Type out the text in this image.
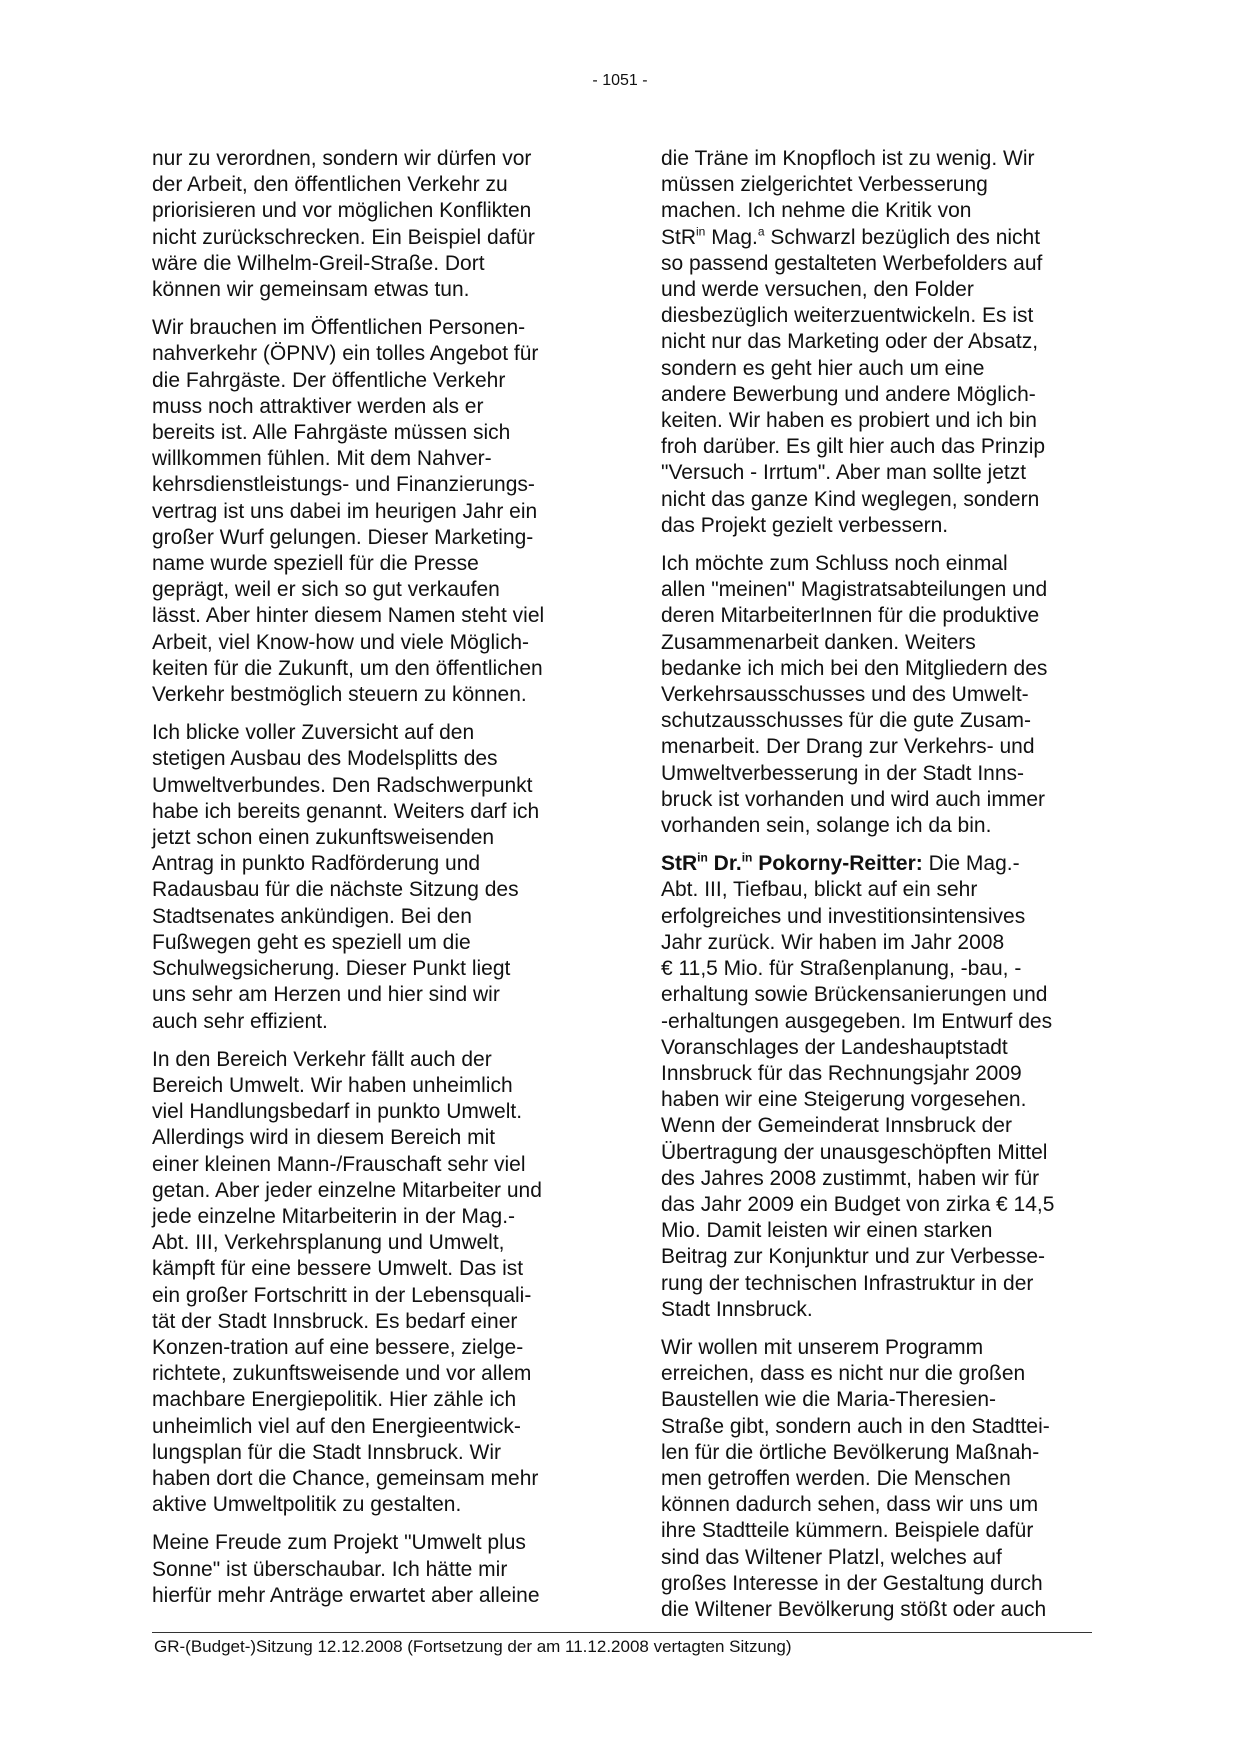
- 1051 -

nur zu verordnen, sondern wir dürfen vor
der Arbeit, den öffentlichen Verkehr zu
priorisieren und vor möglichen Konflikten
nicht zurückschrecken. Ein Beispiel dafür
wäre die Wilhelm-Greil-Straße. Dort
können wir gemeinsam etwas tun.

Wir brauchen im Öffentlichen Personen-
nahverkehr (ÖPNV) ein tolles Angebot für
die Fahrgäste. Der öffentliche Verkehr
muss noch attraktiver werden als er
bereits ist. Alle Fahrgäste müssen sich
willkommen fühlen. Mit dem Nahver-
kehrsdienstleistungs- und Finanzierungs-
vertrag ist uns dabei im heurigen Jahr ein
großer Wurf gelungen. Dieser Marketing-
name wurde speziell für die Presse
geprägt, weil er sich so gut verkaufen
lässt. Aber hinter diesem Namen steht viel
Arbeit, viel Know-how und viele Möglich-
keiten für die Zukunft, um den öffentlichen
Verkehr bestmöglich steuern zu können.

Ich blicke voller Zuversicht auf den
stetigen Ausbau des Modelsplitts des
Umweltverbundes. Den Radschwerpunkt
habe ich bereits genannt. Weiters darf ich
jetzt schon einen zukunftsweisenden
Antrag in punkto Radförderung und
Radausbau für die nächste Sitzung des
Stadtsenates ankündigen. Bei den
Fußwegen geht es speziell um die
Schulwegsicherung. Dieser Punkt liegt
uns sehr am Herzen und hier sind wir
auch sehr effizient.

In den Bereich Verkehr fällt auch der
Bereich Umwelt. Wir haben unheimlich
viel Handlungsbedarf in punkto Umwelt.
Allerdings wird in diesem Bereich mit
einer kleinen Mann-/Frauschaft sehr viel
getan. Aber jeder einzelne Mitarbeiter und
jede einzelne Mitarbeiterin in der Mag.-
Abt. III, Verkehrsplanung und Umwelt,
kämpft für eine bessere Umwelt. Das ist
ein großer Fortschritt in der Lebensquali-
tät der Stadt Innsbruck. Es bedarf einer
Konzen-tration auf eine bessere, zielge-
richtete, zukunftsweisende und vor allem
machbare Energiepolitik. Hier zähle ich
unheimlich viel auf den Energieentwick-
lungsplan für die Stadt Innsbruck. Wir
haben dort die Chance, gemeinsam mehr
aktive Umweltpolitik zu gestalten.

Meine Freude zum Projekt "Umwelt plus
Sonne" ist überschaubar. Ich hätte mir
hierfür mehr Anträge erwartet aber alleine

die Träne im Knopfloch ist zu wenig. Wir
müssen zielgerichtet Verbesserung
machen. Ich nehme die Kritik von
StR$^{in}$ Mag.$^a$ Schwarzl bezüglich des nicht
so passend gestalteten Werbefolders auf
und werde versuchen, den Folder
diesbezüglich weiterzuentwickeln. Es ist
nicht nur das Marketing oder der Absatz,
sondern es geht hier auch um eine
andere Bewerbung und andere Möglich-
keiten. Wir haben es probiert und ich bin
froh darüber. Es gilt hier auch das Prinzip
"Versuch - Irrtum". Aber man sollte jetzt
nicht das ganze Kind weglegen, sondern
das Projekt gezielt verbessern.

Ich möchte zum Schluss noch einmal
allen "meinen" Magistratsabteilungen und
deren MitarbeiterInnen für die produktive
Zusammenarbeit danken. Weiters
bedanke ich mich bei den Mitgliedern des
Verkehrsausschusses und des Umwelt-
schutzausschusses für die gute Zusam-
menarbeit. Der Drang zur Verkehrs- und
Umweltverbesserung in der Stadt Inns-
bruck ist vorhanden und wird auch immer
vorhanden sein, solange ich da bin.

StR$^{in}$ Dr.$^{in}$ Pokorny-Reitter: Die Mag.-
Abt. III, Tiefbau, blickt auf ein sehr
erfolgreiches und investitionsintensives
Jahr zurück. Wir haben im Jahr 2008
€ 11,5 Mio. für Straßenplanung, -bau, -
erhaltung sowie Brückensanierungen und
-erhaltungen ausgegeben. Im Entwurf des
Voranschlages der Landeshauptstadt
Innsbruck für das Rechnungsjahr 2009
haben wir eine Steigerung vorgesehen.
Wenn der Gemeinderat Innsbruck der
Übertragung der unausgeschöpften Mittel
des Jahres 2008 zustimmt, haben wir für
das Jahr 2009 ein Budget von zirka € 14,5
Mio. Damit leisten wir einen starken
Beitrag zur Konjunktur und zur Verbesse-
rung der technischen Infrastruktur in der
Stadt Innsbruck.

Wir wollen mit unserem Programm
erreichen, dass es nicht nur die großen
Baustellen wie die Maria-Theresien-
Straße gibt, sondern auch in den Stadttei-
len für die örtliche Bevölkerung Maßnah-
men getroffen werden. Die Menschen
können dadurch sehen, dass wir uns um
ihre Stadtteile kümmern. Beispiele dafür
sind das Wiltener Platzl, welches auf
großes Interesse in der Gestaltung durch
die Wiltener Bevölkerung stößt oder auch

GR-(Budget-)Sitzung 12.12.2008 (Fortsetzung der am 11.12.2008 vertagten Sitzung)
